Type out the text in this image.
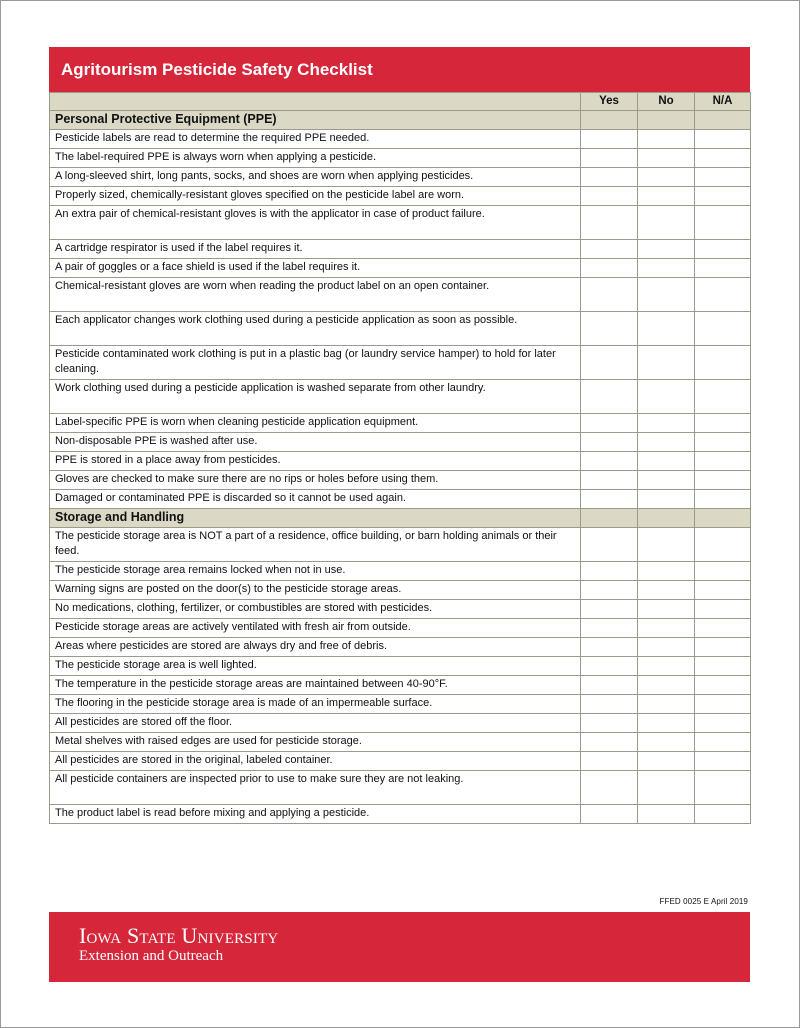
Agritourism Pesticide Safety Checklist
	Yes	No	N/A
Personal Protective Equipment (PPE)			
Pesticide labels are read to determine the required PPE needed.			
The label-required PPE is always worn when applying a pesticide.			
A long-sleeved shirt, long pants, socks, and shoes are worn when applying pesticides.			
Properly sized, chemically-resistant gloves specified on the pesticide label are worn.			
An extra pair of chemical-resistant gloves is with the applicator in case of product failure.			
A cartridge respirator is used if the label requires it.			
A pair of goggles or a face shield is used if the label requires it.			
Chemical-resistant gloves are worn when reading the product label on an open container.			
Each applicator changes work clothing used during a pesticide application as soon as possible.			
Pesticide contaminated work clothing is put in a plastic bag (or laundry service hamper) to hold for later cleaning.			
Work clothing used during a pesticide application is washed separate from other laundry.			
Label-specific PPE is worn when cleaning pesticide application equipment.			
Non-disposable PPE is washed after use.			
PPE is stored in a place away from pesticides.			
Gloves are checked to make sure there are no rips or holes before using them.			
Damaged or contaminated PPE is discarded so it cannot be used again.			
Storage and Handling			
The pesticide storage area is NOT a part of a residence, office building, or barn holding animals or their feed.			
The pesticide storage area remains locked when not in use.			
Warning signs are posted on the door(s) to the pesticide storage areas.			
No medications, clothing, fertilizer, or combustibles are stored with pesticides.			
Pesticide storage areas are actively ventilated with fresh air from outside.			
Areas where pesticides are stored are always dry and free of debris.			
The pesticide storage area is well lighted.			
The temperature in the pesticide storage areas are maintained between 40-90°F.			
The flooring in the pesticide storage area is made of an impermeable surface.			
All pesticides are stored off the floor.			
Metal shelves with raised edges are used for pesticide storage.			
All pesticides are stored in the original, labeled container.			
All pesticide containers are inspected prior to use to make sure they are not leaking.			
The product label is read before mixing and applying a pesticide.			
FFED 0025 E April 2019
Iowa State University
Extension and Outreach
